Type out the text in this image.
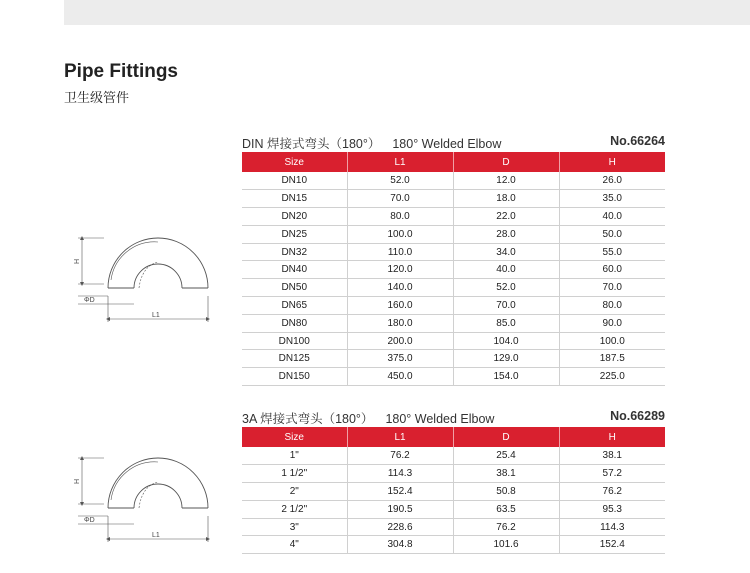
Pipe Fittings
卫生级管件
DIN 焊接式弯头（180°） 180° Welded Elbow	No.66264
Size	L1	D	H
DN10	52.0	12.0	26.0
DN15	70.0	18.0	35.0
DN20	80.0	22.0	40.0
DN25	100.0	28.0	50.0
DN32	110.0	34.0	55.0
DN40	120.0	40.0	60.0
DN50	140.0	52.0	70.0
DN65	160.0	70.0	80.0
DN80	180.0	85.0	90.0
DN100	200.0	104.0	100.0
DN125	375.0	129.0	187.5
DN150	450.0	154.0	225.0
3A 焊接式弯头（180°） 180° Welded Elbow	No.66289
Size	L1	D	H
1"	76.2	25.4	38.1
1 1/2"	114.3	38.1	57.2
2"	152.4	50.8	76.2
2 1/2"	190.5	63.5	95.3
3"	228.6	76.2	114.3
4"	304.8	101.6	152.4
H
ΦD
L1
H
ΦD
L1
